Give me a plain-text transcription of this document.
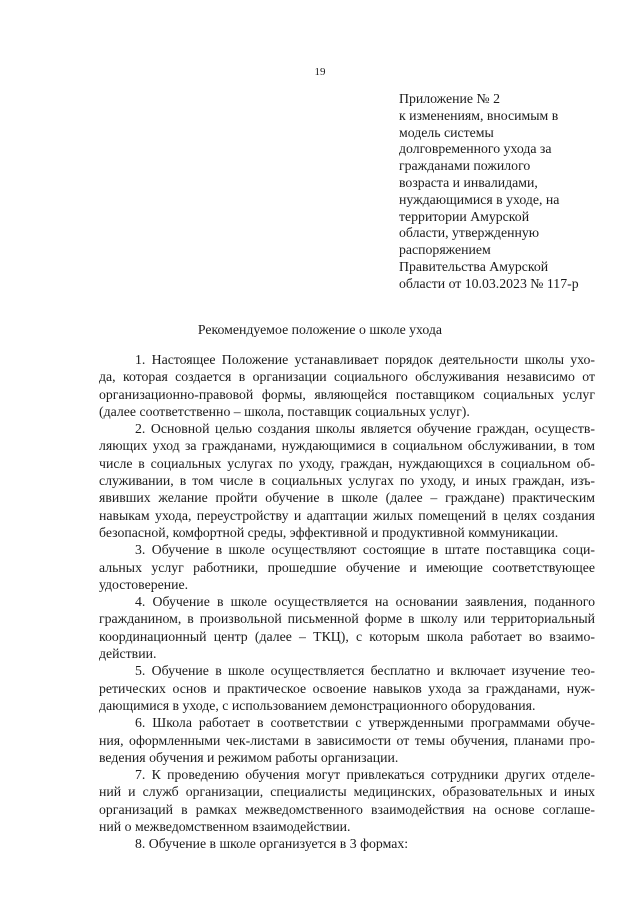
19
Приложение № 2
к изменениям, вносимым в
модель системы
долговременного ухода за
гражданами пожилого
возраста и инвалидами,
нуждающимися в уходе, на
территории Амурской
области, утвержденную
распоряжением
Правительства Амурской
области от 10.03.2023 № 117-р
Рекомендуемое положение о школе ухода
1. Настоящее Положение устанавливает порядок деятельности школы ухо-
да, которая создается в организации социального обслуживания независимо от
организационно-правовой формы, являющейся поставщиком социальных услуг
(далее соответственно – школа, поставщик социальных услуг).
2. Основной целью создания школы является обучение граждан, осуществ-
ляющих уход за гражданами, нуждающимися в социальном обслуживании, в том
числе в социальных услугах по уходу, граждан, нуждающихся в социальном об-
служивании, в том числе в социальных услугах по уходу, и иных граждан, изъ-
явивших желание пройти обучение в школе (далее – граждане) практическим
навыкам ухода, переустройству и адаптации жилых помещений в целях создания
безопасной, комфортной среды, эффективной и продуктивной коммуникации.
3. Обучение в школе осуществляют состоящие в штате поставщика соци-
альных услуг работники, прошедшие обучение и имеющие соответствующее
удостоверение.
4. Обучение в школе осуществляется на основании заявления, поданного
гражданином, в произвольной письменной форме в школу или территориальный
координационный центр (далее – ТКЦ), с которым школа работает во взаимо-
действии.
5. Обучение в школе осуществляется бесплатно и включает изучение тео-
ретических основ и практическое освоение навыков ухода за гражданами, нуж-
дающимися в уходе, с использованием демонстрационного оборудования.
6. Школа работает в соответствии с утвержденными программами обуче-
ния, оформленными чек-листами в зависимости от темы обучения, планами про-
ведения обучения и режимом работы организации.
7. К проведению обучения могут привлекаться сотрудники других отделе-
ний и служб организации, специалисты медицинских, образовательных и иных
организаций в рамках межведомственного взаимодействия на основе соглаше-
ний о межведомственном взаимодействии.
8. Обучение в школе организуется в 3 формах:
